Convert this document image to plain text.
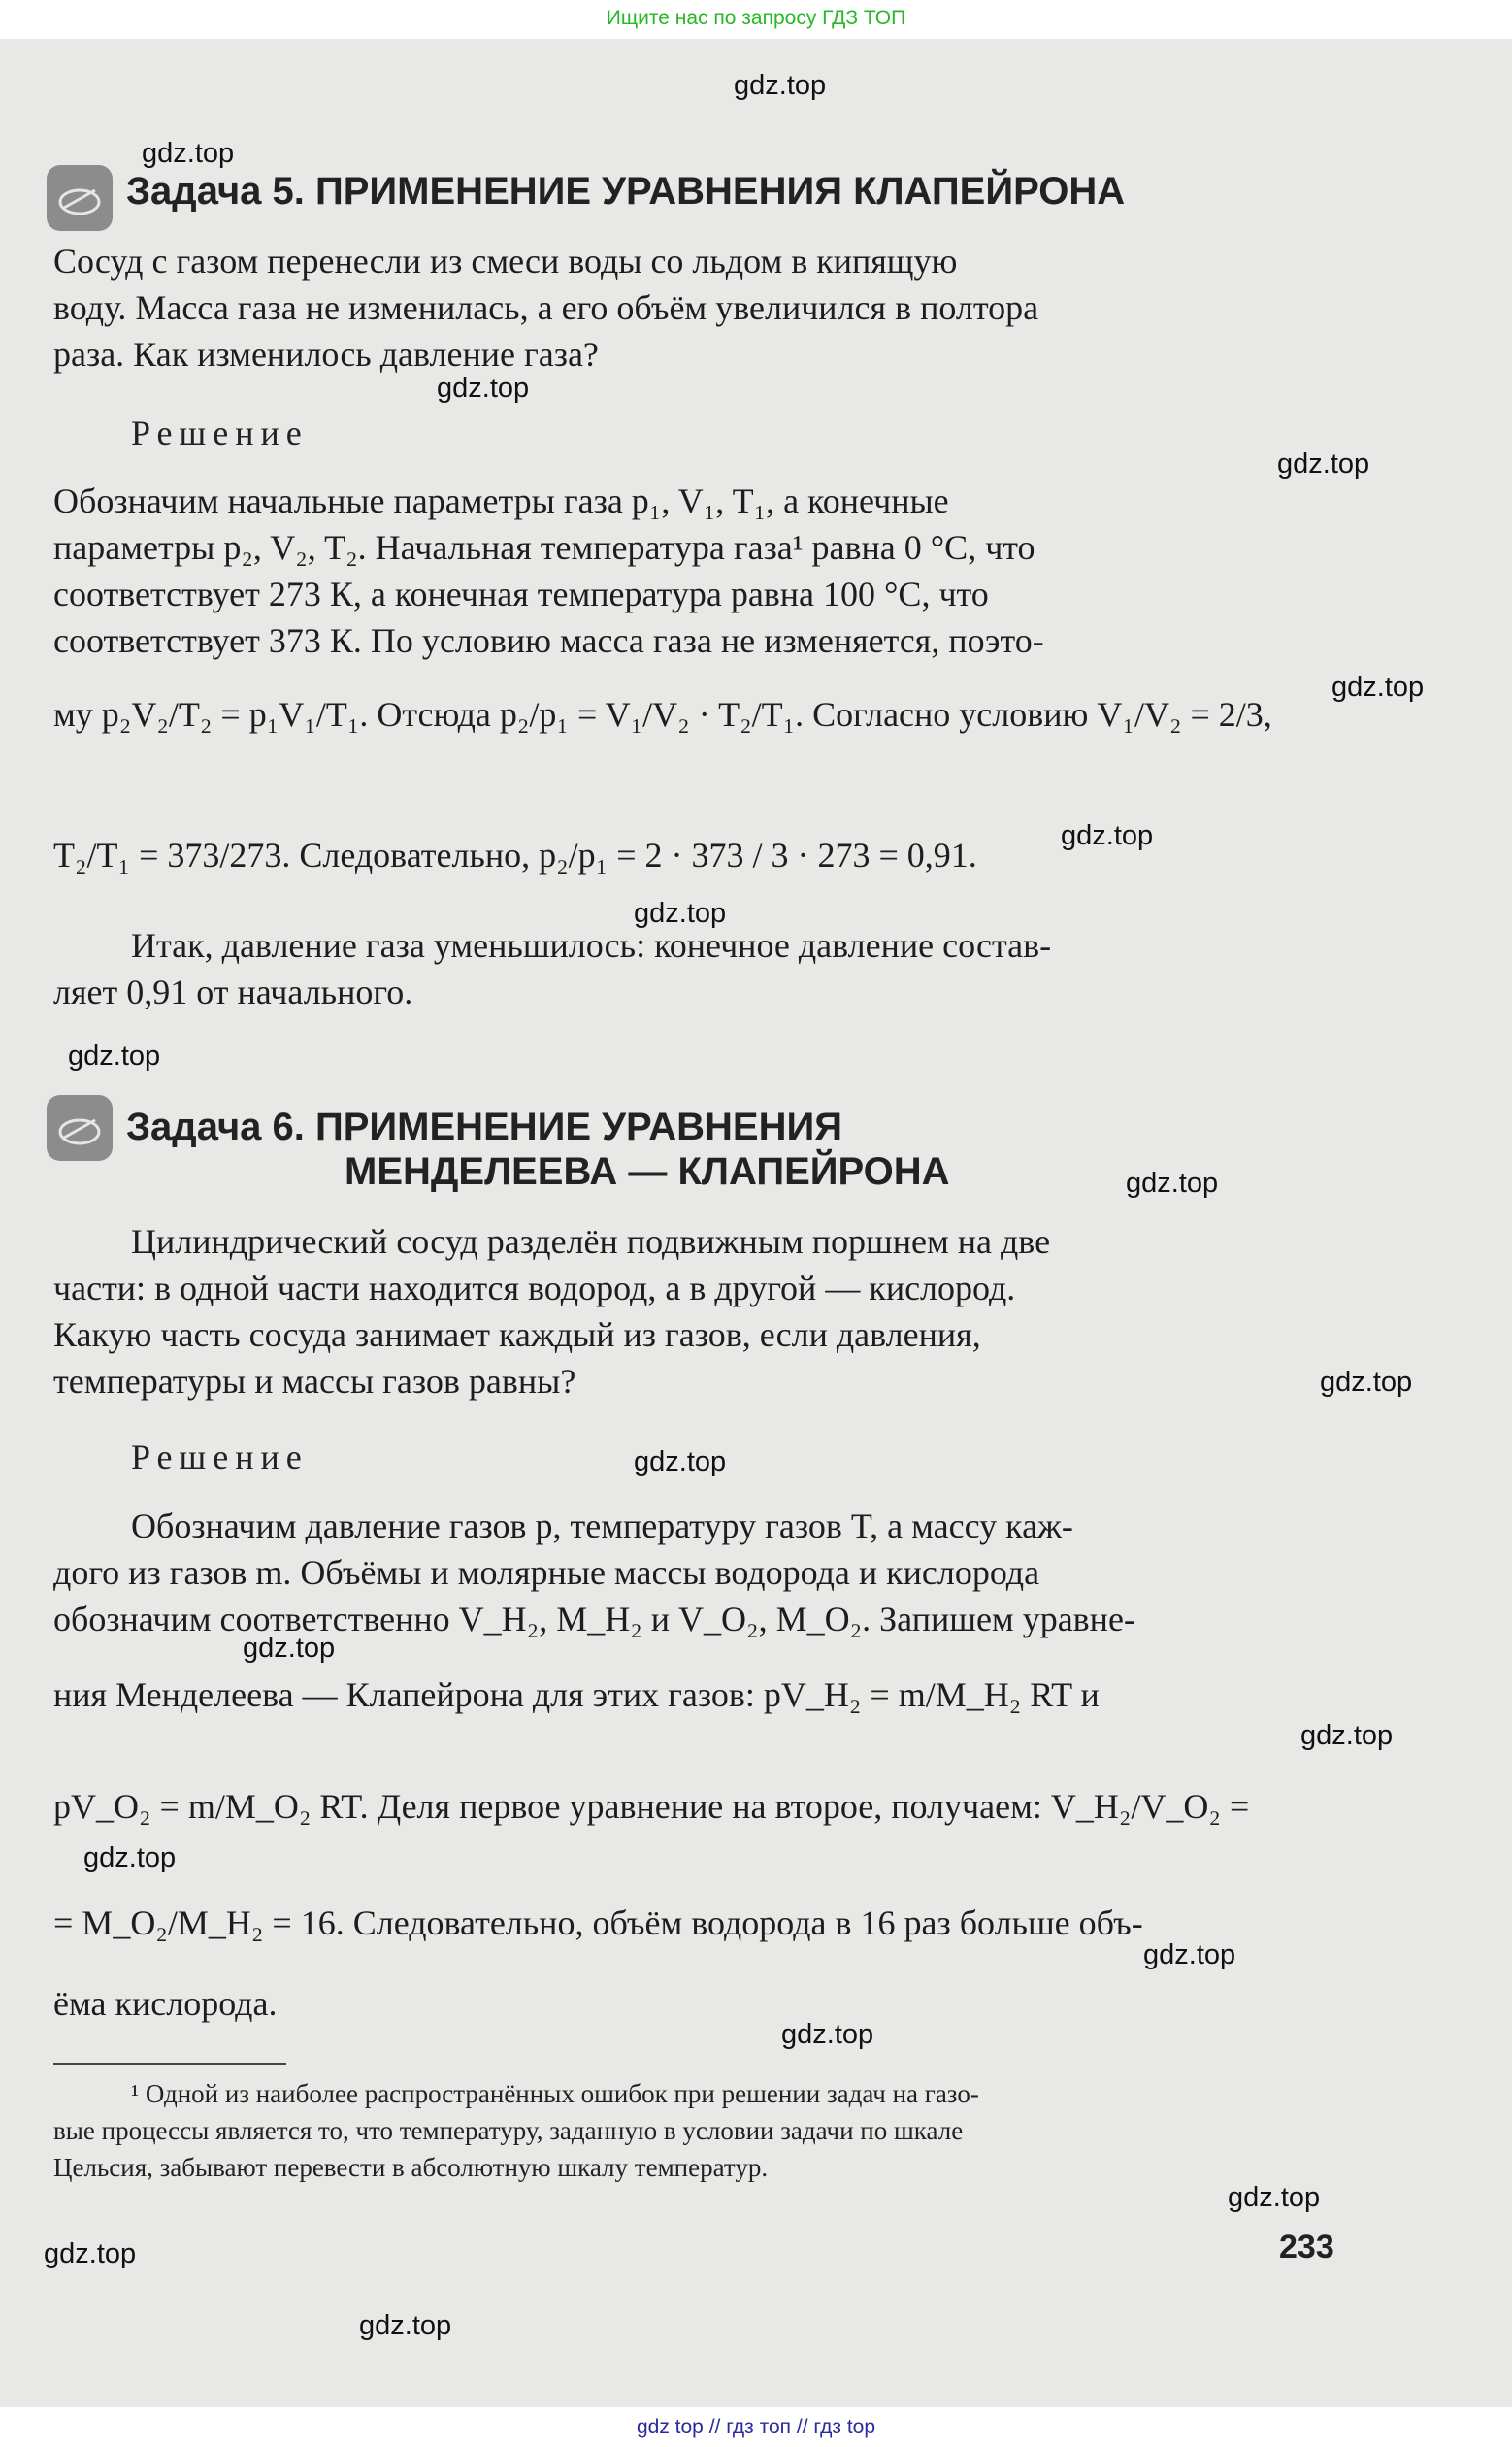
Ищите нас по запросу ГДЗ ТОП
gdz.top
gdz.top
gdz.top
gdz.top
gdz.top
gdz.top
gdz.top
gdz.top
gdz.top
gdz.top
gdz.top
gdz.top
gdz.top
gdz.top
gdz.top
gdz.top
gdz.top
gdz.top
gdz.top
Задача 5. ПРИМЕНЕНИЕ УРАВНЕНИЯ КЛАПЕЙРОНА
Сосуд с газом перенесли из смеси воды со льдом в кипящую
воду. Масса газа не изменилась, а его объём увеличился в полтора
раза. Как изменилось давление газа?
Решение
Обозначим начальные параметры газа p₁, V₁, T₁, а конечные
параметры p₂, V₂, T₂. Начальная температура газа¹ равна 0 °C, что
соответствует 273 К, а конечная температура равна 100 °C, что
соответствует 373 К. По условию масса газа не изменяется, поэто-
му p₂V₂/T₂ = p₁V₁/T₁. Отсюда p₂/p₁ = V₁/V₂ · T₂/T₁. Согласно условию V₁/V₂ = 2/3,
T₂/T₁ = 373/273. Следовательно, p₂/p₁ = 2 · 373 / 3 · 273 = 0,91.
Итак, давление газа уменьшилось: конечное давление состав-
ляет 0,91 от начального.
Задача 6. ПРИМЕНЕНИЕ УРАВНЕНИЯ
МЕНДЕЛЕЕВА — КЛАПЕЙРОНА
Цилиндрический сосуд разделён подвижным поршнем на две
части: в одной части находится водород, а в другой — кислород.
Какую часть сосуда занимает каждый из газов, если давления,
температуры и массы газов равны?
Решение
Обозначим давление газов p, температуру газов T, а массу каж-
дого из газов m. Объёмы и молярные массы водорода и кислорода
обозначим соответственно V_H₂, M_H₂ и V_O₂, M_O₂. Запишем уравне-
ния Менделеева — Клапейрона для этих газов: pV_H₂ = m/M_H₂ RT и
pV_O₂ = m/M_O₂ RT. Деля первое уравнение на второе, получаем: V_H₂/V_O₂ =
= M_O₂/M_H₂ = 16. Следовательно, объём водорода в 16 раз больше объ-
ёма кислорода.
¹ Одной из наиболее распространённых ошибок при решении задач на газо-
вые процессы является то, что температуру, заданную в условии задачи по шкале
Цельсия, забывают перевести в абсолютную шкалу температур.
233
gdz top // гдз топ // гдз top
